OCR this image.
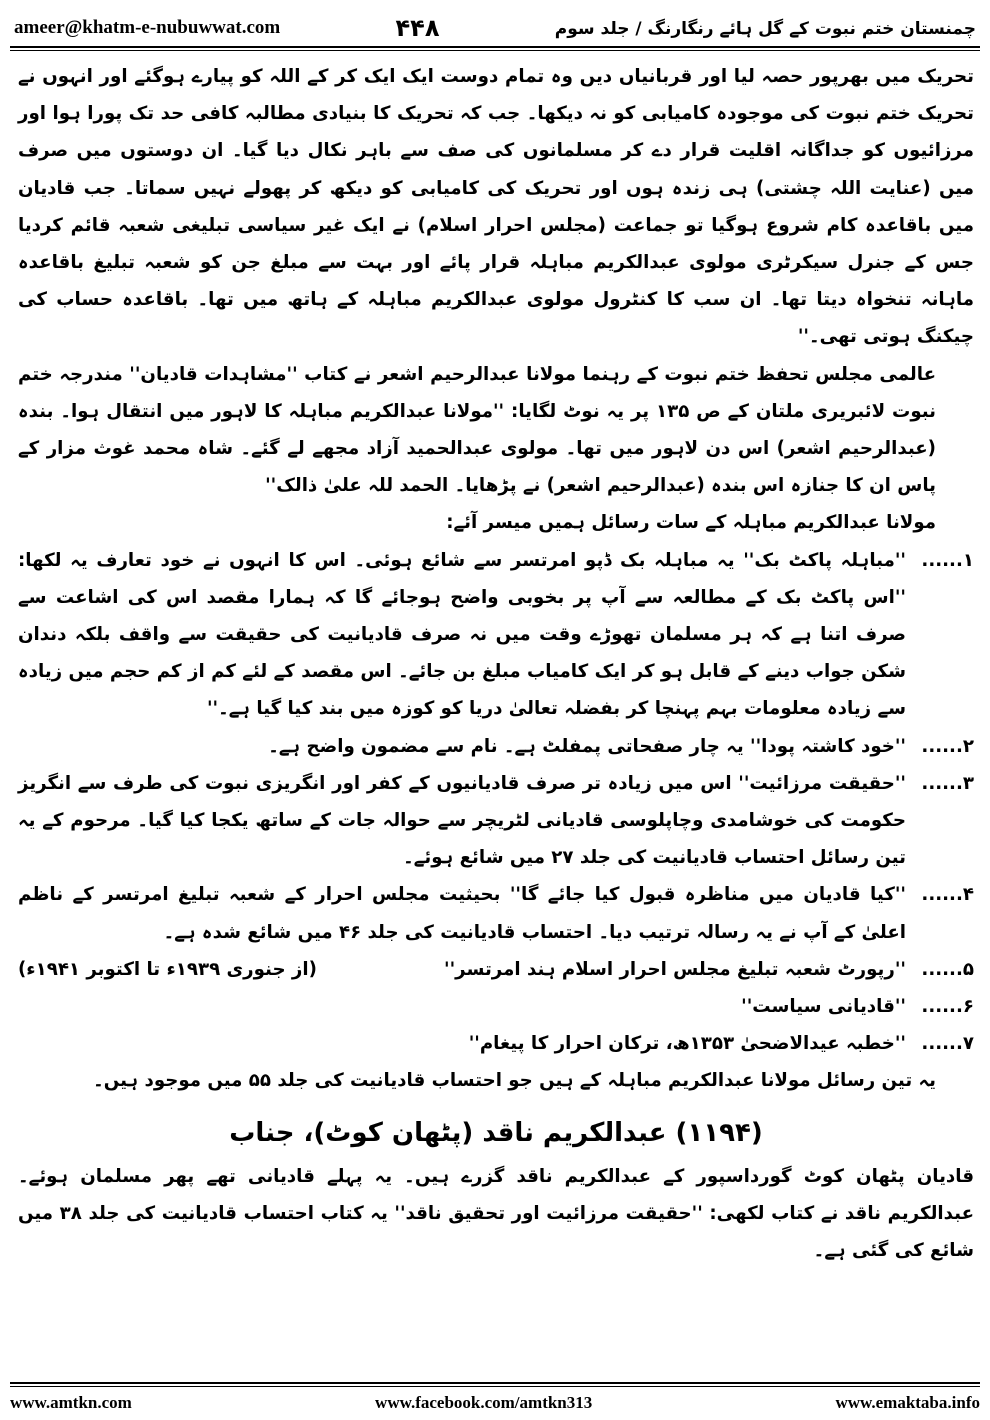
ameer@khatm-e-nubuwwat.com	۴۴۸	چمنستان ختم نبوت کے گل ہائے رنگارنگ / جلد سوم

تحریک میں بھرپور حصہ لیا اور قربانیاں دیں وہ تمام دوست ایک ایک کر کے اللہ کو پیارے ہوگئے اور انہوں نے تحریک ختم نبوت کی موجودہ کامیابی کو نہ دیکھا۔ جب کہ تحریک کا بنیادی مطالبہ کافی حد تک پورا ہوا اور مرزائیوں کو جداگانہ اقلیت قرار دے کر مسلمانوں کی صف سے باہر نکال دیا گیا۔ ان دوستوں میں صرف میں (عنایت اللہ چشتی) ہی زندہ ہوں اور تحریک کی کامیابی کو دیکھ کر پھولے نہیں سماتا۔ جب قادیان میں باقاعدہ کام شروع ہوگیا تو جماعت (مجلس احرار اسلام) نے ایک غیر سیاسی تبلیغی شعبہ قائم کردیا جس کے جنرل سیکرٹری مولوی عبدالکریم مباہلہ قرار پائے اور بہت سے مبلغ جن کو شعبہ تبلیغ باقاعدہ ماہانہ تنخواہ دیتا تھا۔ ان سب کا کنٹرول مولوی عبدالکریم مباہلہ کے ہاتھ میں تھا۔ باقاعدہ حساب کی چیکنگ ہوتی تھی۔''

عالمی مجلس تحفظ ختم نبوت کے رہنما مولانا عبدالرحیم اشعر نے کتاب ''مشاہدات قادیان'' مندرجہ ختم نبوت لائبریری ملتان کے ص ۱۳۵ پر یہ نوٹ لگایا: ''مولانا عبدالکریم مباہلہ کا لاہور میں انتقال ہوا۔ بندہ (عبدالرحیم اشعر) اس دن لاہور میں تھا۔ مولوی عبدالحمید آزاد مجھے لے گئے۔ شاہ محمد غوث مزار کے پاس ان کا جنازہ اس بندہ (عبدالرحیم اشعر) نے پڑھایا۔ الحمد للہ علیٰ ذالک''

مولانا عبدالکریم مباہلہ کے سات رسائل ہمیں میسر آئے:

۱......
''مباہلہ پاکٹ بک'' یہ مباہلہ بک ڈپو امرتسر سے شائع ہوئی۔ اس کا انہوں نے خود تعارف یہ لکھا: ''اس پاکٹ بک کے مطالعہ سے آپ پر بخوبی واضح ہوجائے گا کہ ہمارا مقصد اس کی اشاعت سے صرف اتنا ہے کہ ہر مسلمان تھوڑے وقت میں نہ صرف قادیانیت کی حقیقت سے واقف بلکہ دندان شکن جواب دینے کے قابل ہو کر ایک کامیاب مبلغ بن جائے۔ اس مقصد کے لئے کم از کم حجم میں زیادہ سے زیادہ معلومات بہم پہنچا کر بفضلہ تعالیٰ دریا کو کوزہ میں بند کیا گیا ہے۔''
۲......
''خود کاشتہ پودا'' یہ چار صفحاتی پمفلٹ ہے۔ نام سے مضمون واضح ہے۔
۳......
''حقیقت مرزائیت'' اس میں زیادہ تر صرف قادیانیوں کے کفر اور انگریزی نبوت کی طرف سے انگریز حکومت کی خوشامدی وچاپلوسی قادیانی لٹریچر سے حوالہ جات کے ساتھ یکجا کیا گیا۔ مرحوم کے یہ تین رسائل احتساب قادیانیت کی جلد ۲۷ میں شائع ہوئے۔
۴......
''کیا قادیان میں مناظرہ قبول کیا جائے گا'' بحیثیت مجلس احرار کے شعبہ تبلیغ امرتسر کے ناظم اعلیٰ کے آپ نے یہ رسالہ ترتیب دیا۔ احتساب قادیانیت کی جلد ۴۶ میں شائع شدہ ہے۔
۵......
''رپورٹ شعبہ تبلیغ مجلس احرار اسلام ہند امرتسر''
(از جنوری ۱۹۳۹ء تا اکتوبر ۱۹۴۱ء)
۶......
''قادیانی سیاست''
۷......
''خطبہ عیدالاضحیٰ ۱۳۵۳ھ، ترکان احرار کا پیغام''

یہ تین رسائل مولانا عبدالکریم مباہلہ کے ہیں جو احتساب قادیانیت کی جلد ۵۵ میں موجود ہیں۔

(۱۱۹۴) عبدالکریم ناقد (پٹھان کوٹ)، جناب

قادیان پٹھان کوٹ گورداسپور کے عبدالکریم ناقد گزرے ہیں۔ یہ پہلے قادیانی تھے پھر مسلمان ہوئے۔ عبدالکریم ناقد نے کتاب لکھی: ''حقیقت مرزائیت اور تحقیق ناقد'' یہ کتاب احتساب قادیانیت کی جلد ۳۸ میں شائع کی گئی ہے۔

www.amtkn.com	www.facebook.com/amtkn313	www.emaktaba.info
